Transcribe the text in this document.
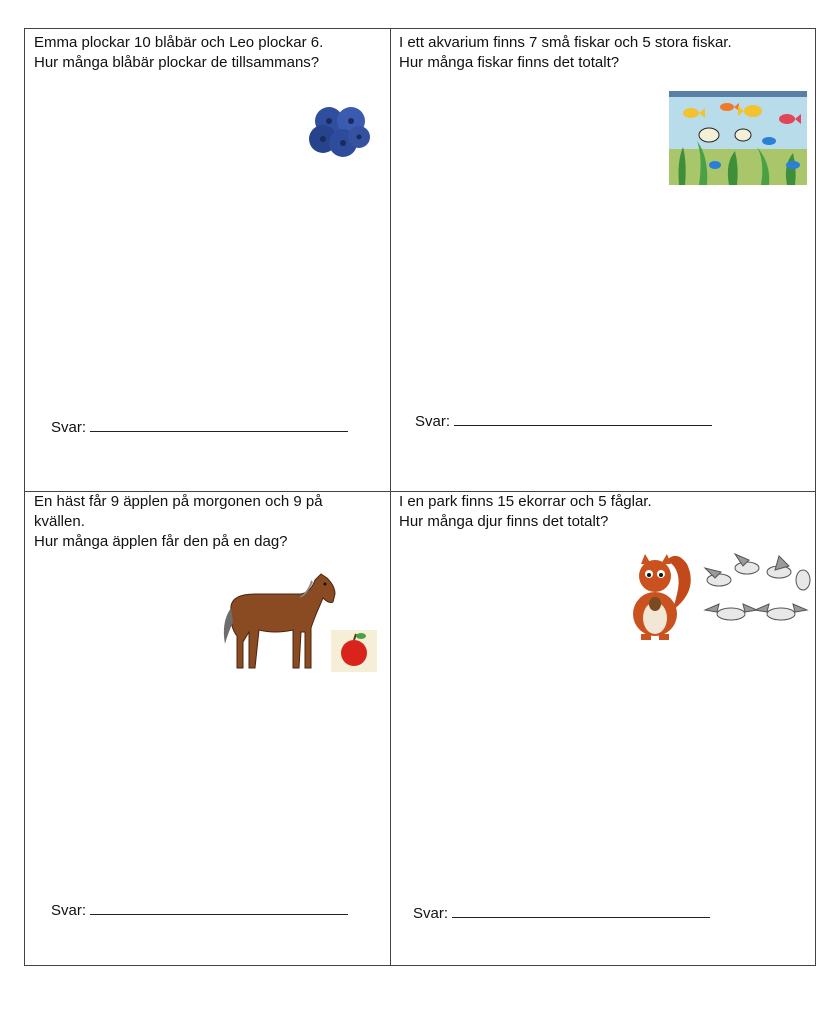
Emma plockar 10 blåbär och Leo plockar 6.
Hur många blåbär plockar de tillsammans?
Svar:
I ett akvarium finns 7 små fiskar och 5 stora fiskar.
Hur många fiskar finns det totalt?
Svar:
En häst får 9 äpplen på morgonen och 9 på
kvällen.
Hur många äpplen får den på en dag?
Svar:
I en park finns 15 ekorrar och 5 fåglar.
Hur många djur finns det totalt?
Svar:
